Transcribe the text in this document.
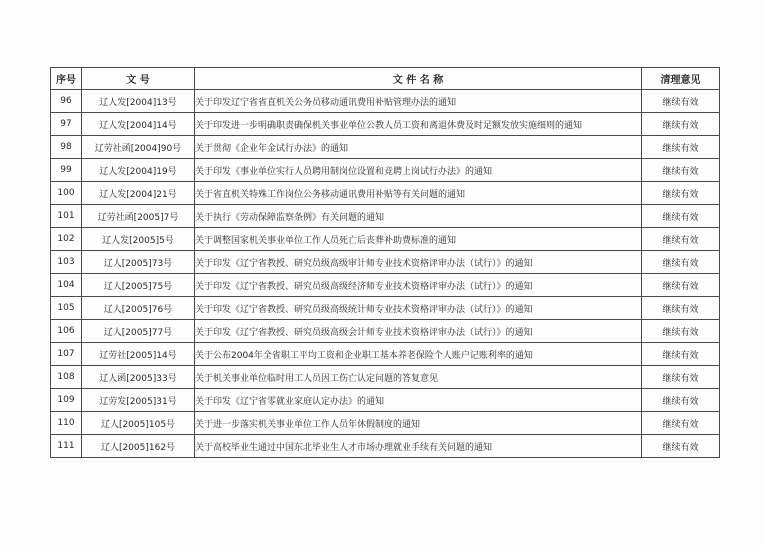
序号	文 号	文 件 名 称	清理意见
96	辽人发[2004]13号	关于印发辽宁省省直机关公务员移动通讯费用补贴管理办法的通知	继续有效
97	辽人发[2004]14号	关于印发进一步明确职责确保机关事业单位公教人员工资和离退休费及时足额发放实施细则的通知	继续有效
98	辽劳社函[2004]90号	关于贯彻《企业年金试行办法》的通知	继续有效
99	辽人发[2004]19号	关于印发《事业单位实行人员聘用制岗位设置和竞聘上岗试行办法》的通知	继续有效
100	辽人发[2004]21号	关于省直机关特殊工作岗位公务移动通讯费用补贴等有关问题的通知	继续有效
101	辽劳社函[2005]7号	关于执行《劳动保障监察条例》有关问题的通知	继续有效
102	辽人发[2005]5号	关于调整国家机关事业单位工作人员死亡后丧葬补助费标准的通知	继续有效
103	辽人[2005]73号	关于印发《辽宁省教授、研究员级高级审计师专业技术资格评审办法（试行）》的通知	继续有效
104	辽人[2005]75号	关于印发《辽宁省教授、研究员级高级经济师专业技术资格评审办法（试行）》的通知	继续有效
105	辽人[2005]76号	关于印发《辽宁省教授、研究员级高级统计师专业技术资格评审办法（试行）》的通知	继续有效
106	辽人[2005]77号	关于印发《辽宁省教授、研究员级高级会计师专业技术资格评审办法（试行）》的通知	继续有效
107	辽劳社[2005]14号	关于公布2004年全省职工平均工资和企业职工基本养老保险个人账户记账利率的通知	继续有效
108	辽人函[2005]33号	关于机关事业单位临时用工人员因工伤亡认定问题的答复意见	继续有效
109	辽劳发[2005]31号	关于印发《辽宁省零就业家庭认定办法》的通知	继续有效
110	辽人[2005]105号	关于进一步落实机关事业单位工作人员年休假制度的通知	继续有效
111	辽人[2005]162号	关于高校毕业生通过中国东北毕业生人才市场办理就业手续有关问题的通知	继续有效
